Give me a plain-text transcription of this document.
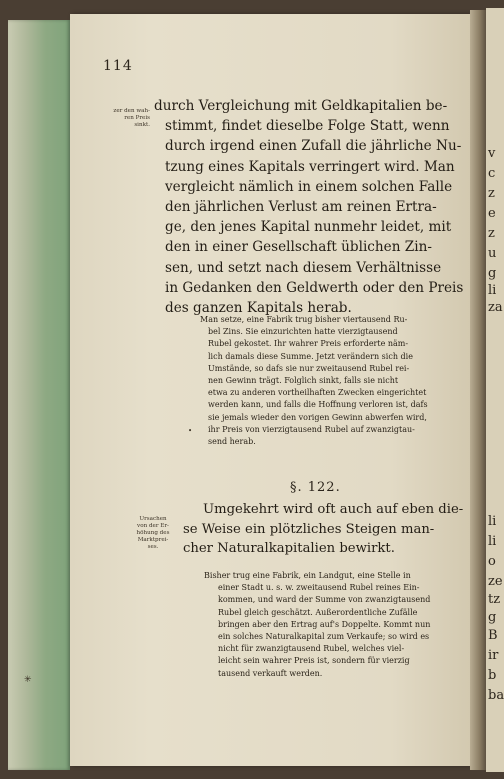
v
c
z
e
z
u
g
li
za
li
li
o
ze
tz
g
B
ir
b
ba
114
zer den wah-
ren Preis
sinkt.
durch Vergleichung mit Geldkapitalien be-
stimmt, findet dieselbe Folge Statt, wenn
durch irgend einen Zufall die jährliche Nu-
tzung eines Kapitals verringert wird. Man
vergleicht nämlich in einem solchen Falle
den jährlichen Verlust am reinen Ertra-
ge, den jenes Kapital nunmehr leidet, mit
den in einer Gesellschaft üblichen Zin-
sen, und setzt nach diesem Verhältnisse
in Gedanken den Geldwerth oder den Preis
des ganzen Kapitals herab.
Man setze, eine Fabrik trug bisher viertausend Ru-
bel Zins. Sie einzurichten hatte vierzigtausend
Rubel gekostet. Ihr wahrer Preis erforderte näm-
lich damals diese Summe. Jetzt verändern sich die
Umstände, so dafs sie nur zweitausend Rubel rei-
nen Gewinn trägt. Folglich sinkt, falls sie nicht
etwa zu anderen vortheilhaften Zwecken eingerichtet
werden kann, und falls die Hoffnung verloren ist, dafs
sie jemals wieder den vorigen Gewinn abwerfen wird,
ihr Preis von vierzigtausend Rubel auf zwanzigtau-
send herab.
•
§. 122.
Ursachen
von der Er-
höhung des
Marktprei-
ses.
Umgekehrt wird oft auch auf eben die-
se Weise ein plötzliches Steigen man-
cher Naturalkapitalien bewirkt.
Bisher trug eine Fabrik, ein Landgut, eine Stelle in
einer Stadt u. s. w. zweitausend Rubel reines Ein-
kommen, und ward der Summe von zwanzigtausend
Rubel gleich geschätzt. Außerordentliche Zufälle
bringen aber den Ertrag auf's Doppelte. Kommt nun
ein solches Naturalkapital zum Verkaufe; so wird es
nicht für zwanzigtausend Rubel, welches viel-
leicht sein wahrer Preis ist, sondern für vierzig
tausend verkauft werden.
✳
